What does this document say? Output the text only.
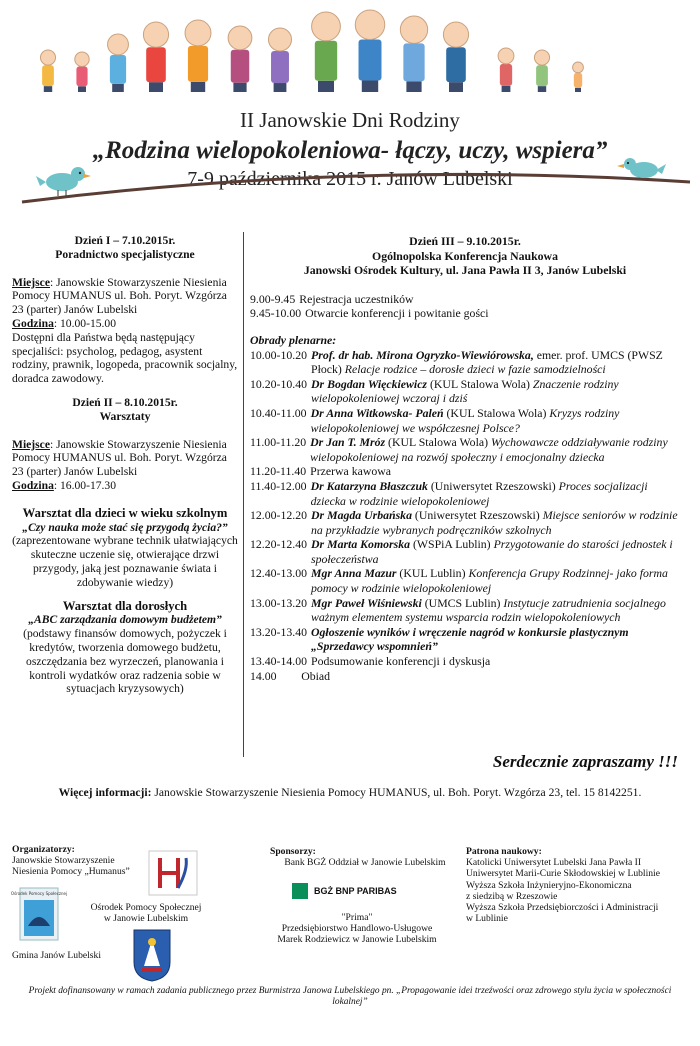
II Janowskie Dni Rodziny
„Rodzina wielopokoleniowa- łączy, uczy, wspiera”
7-9 października 2015 r. Janów Lubelski
Dzień I – 7.10.2015r.
Poradnictwo specjalistyczne
Miejsce: Janowskie Stowarzyszenie Niesienia Pomocy HUMANUS ul. Boh. Poryt. Wzgórza 23 (parter) Janów Lubelski
Godzina: 10.00-15.00
Dostępni dla Państwa będą następujący specjaliści: psycholog, pedagog, asystent rodziny, prawnik, logopeda, pracownik socjalny, doradca zawodowy.
Dzień II – 8.10.2015r.
Warsztaty
Miejsce: Janowskie Stowarzyszenie Niesienia Pomocy HUMANUS ul. Boh. Poryt. Wzgórza 23 (parter) Janów Lubelski
Godzina: 16.00-17.30
Warsztat dla dzieci w wieku szkolnym
„Czy nauka może stać się przygodą życia?”
(zaprezentowane wybrane technik ułatwiających skuteczne uczenie się, otwierające drzwi przygody, jaką jest poznawanie świata i zdobywanie wiedzy)
Warsztat dla dorosłych
„ABC zarządzania domowym budżetem”
(podstawy finansów domowych, pożyczek i kredytów, tworzenia domowego budżetu, oszczędzania bez wyrzeczeń, planowania i kontroli wydatków oraz radzenia sobie w sytuacjach kryzysowych)
Dzień III – 9.10.2015r.
Ogólnopolska Konferencja Naukowa
Janowski Ośrodek Kultury, ul. Jana Pawła II 3, Janów Lubelski
9.00-9.45 Rejestracja uczestników
9.45-10.00 Otwarcie konferencji i powitanie gości
Obrady plenarne:
10.00-10.20 Prof. dr hab. Mirona Ogryzko-Wiewiórowska, emer. prof. UMCS (PWSZ Płock) Relacje rodzice – dorosłe dzieci w fazie samodzielności
10.20-10.40 Dr Bogdan Więckiewicz (KUL Stalowa Wola) Znaczenie rodziny wielopokoleniowej wczoraj i dziś
10.40-11.00 Dr Anna Witkowska- Paleń (KUL Stalowa Wola) Kryzys rodziny wielopokoleniowej we współczesnej Polsce?
11.00-11.20 Dr Jan T. Mróz (KUL Stalowa Wola) Wychowawcze oddziaływanie rodziny wielopokoleniowej na rozwój społeczny i emocjonalny dziecka
11.20-11.40 Przerwa kawowa
11.40-12.00 Dr Katarzyna Błaszczuk (Uniwersytet Rzeszowski) Proces socjalizacji dziecka w rodzinie wielopokoleniowej
12.00-12.20 Dr Magda Urbańska (Uniwersytet Rzeszowski) Miejsce seniorów w rodzinie na przykładzie wybranych podręczników szkolnych
12.20-12.40 Dr Marta Komorska (WSPiA Lublin) Przygotowanie do starości jednostek i społeczeństwa
12.40-13.00 Mgr Anna Mazur (KUL Lublin) Konferencja Grupy Rodzinnej- jako forma pomocy w rodzinie wielopokoleniowej
13.00-13.20 Mgr Paweł Wiśniewski (UMCS Lublin) Instytucje zatrudnienia socjalnego ważnym elementem systemu wsparcia rodzin wielopokoleniowych
13.20-13.40 Ogłoszenie wyników i wręczenie nagród w konkursie plastycznym „Sprzedawcy wspomnień”
13.40-14.00 Podsumowanie konferencji i dyskusja
14.00 Obiad
Serdecznie zapraszamy !!!
Więcej informacji: Janowskie Stowarzyszenie Niesienia Pomocy HUMANUS, ul. Boh. Poryt. Wzgórza 23, tel. 15 8142251.
Organizatorzy:
Janowskie Stowarzyszenie
Niesienia Pomocy „Humanus”
Ośrodek Pomocy Społecznej
Ośrodek Pomocy Społecznej
w Janowie Lubelskim
Gmina Janów Lubelski
Sponsorzy:
Bank BGŻ Oddział w Janowie Lubelskim
BGŻ BNP PARIBAS
"Prima"
Przedsiębiorstwo Handlowo-Usługowe
Marek Rodziewicz w Janowie Lubelskim
Patrona naukowy:
Katolicki Uniwersytet Lubelski Jana Pawła II
Uniwersytet Marii-Curie Skłodowskiej w Lublinie
Wyższa Szkoła Inżynieryjno-Ekonomiczna
z siedzibą w Rzeszowie
Wyższa Szkoła Przedsiębiorczości i Administracji
w Lublinie
Projekt dofinansowany w ramach zadania publicznego przez Burmistrza Janowa Lubelskiego pn. „Propagowanie idei trzeźwości oraz zdrowego stylu życia w społeczności lokalnej”
